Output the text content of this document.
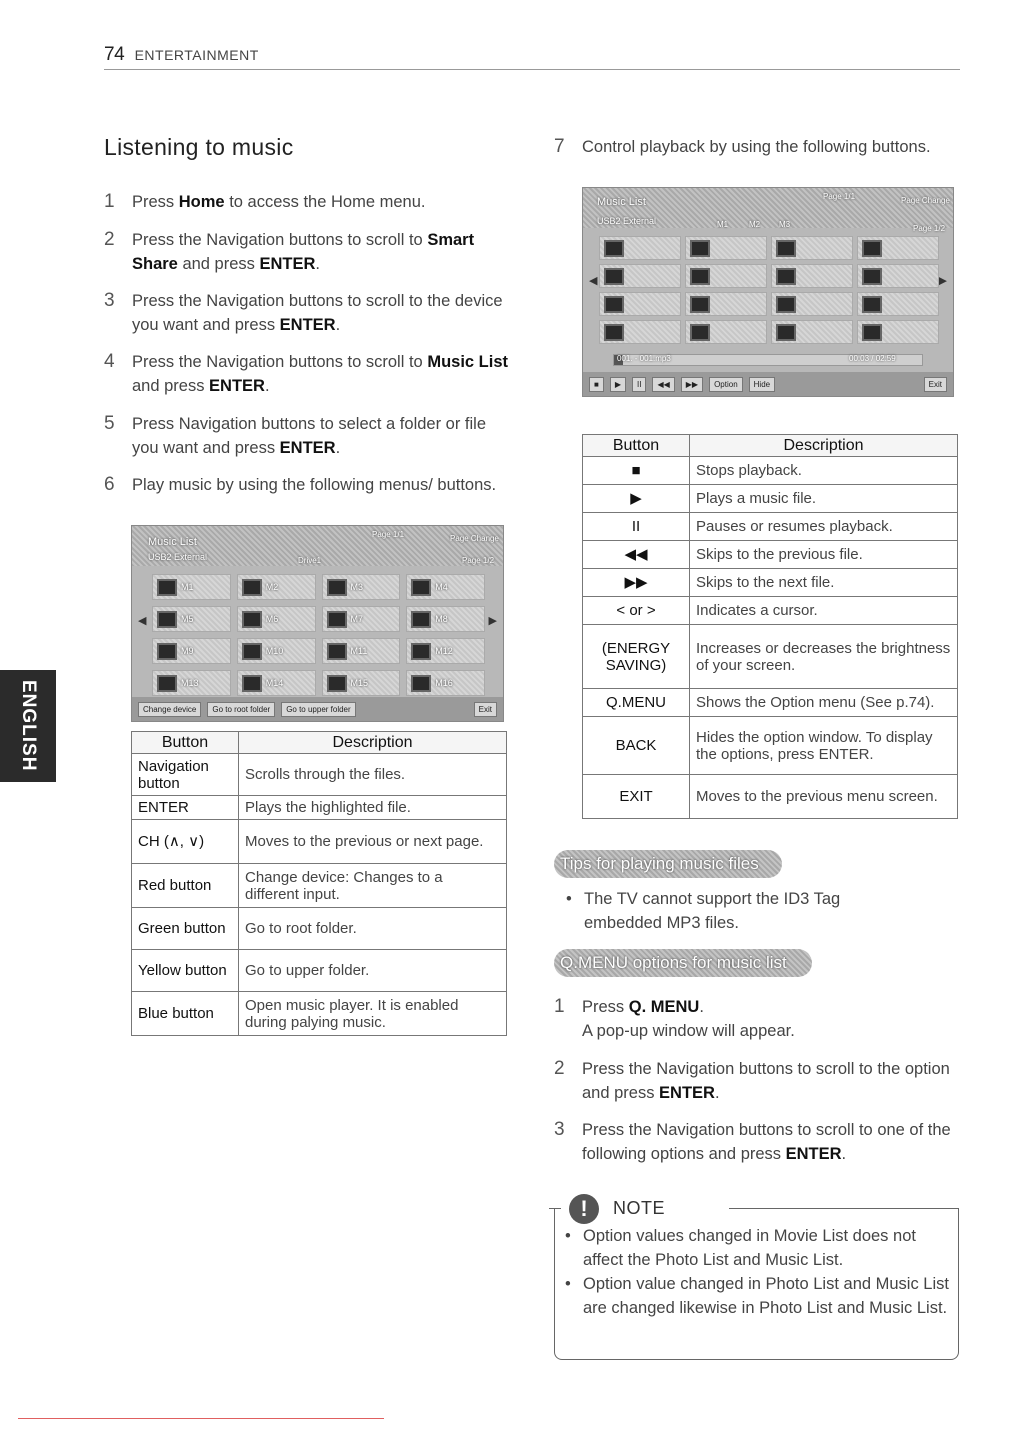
74 ENTERTAINMENT
ENGLISH
Listening to music
1 Press Home to access the Home menu.
2 Press the Navigation buttons to scroll to Smart Share and press ENTER.
3 Press the Navigation buttons to scroll to the device you want and press ENTER.
4 Press the Navigation buttons to scroll to Music List and press ENTER.
5 Press Navigation buttons to select a folder or file you want and press ENTER.
6 Play music by using the following menus/ buttons.
Music List
USB2 External	Drive1
Page 1/1	Page Change
Page 1/2
◀	▶
M1	M2	M3	M4
M5	M6	M7	M8
M9	M10	M11	M12
M13	M14	M15	M16
Change device	Go to root folder	Go to upper folder	Exit
Button	Description
Navigation button	Scrolls through the files.
ENTER	Plays the highlighted file.
CH (∧, ∨)	Moves to the previous or next page.
Red button	Change device: Changes to a different input.
Green button	Go to root folder.
Yellow button	Go to upper folder.
Blue button	Open music player. It is enabled during palying music.
7 Control playback by using the following buttons.
Music List
USB2 External	M1	M2 M3
Page 1/1	Page Change
Page 1/2
◀	▶
001. - 001.mp3	00:03 / 02:59
■	▶	II	◀◀	▶▶	Option	Hide	Exit
Button	Description
■	Stops playback.
▶	Plays a music file.
II	Pauses or resumes playback.
◀◀	Skips to the previous file.
▶▶	Skips to the next file.
< or >	Indicates a cursor.
(ENERGY SAVING)	Increases or decreases the brightness of your screen.
Q.MENU	Shows the Option menu (See p.74).
BACK	Hides the option window. To display the options, press ENTER.
EXIT	Moves to the previous menu screen.
Tips for playing music files
• The TV cannot support the ID3 Tag embedded MP3 files.
Q.MENU options for music list
1 Press Q. MENU.
A pop-up window will appear.
2 Press the Navigation buttons to scroll to the option and press ENTER.
3 Press the Navigation buttons to scroll to one of the following options and press ENTER.
!	NOTE
• Option values changed in Movie List does not affect the Photo List and Music List.
• Option value changed in Photo List and Music List are changed likewise in Photo List and Music List.
